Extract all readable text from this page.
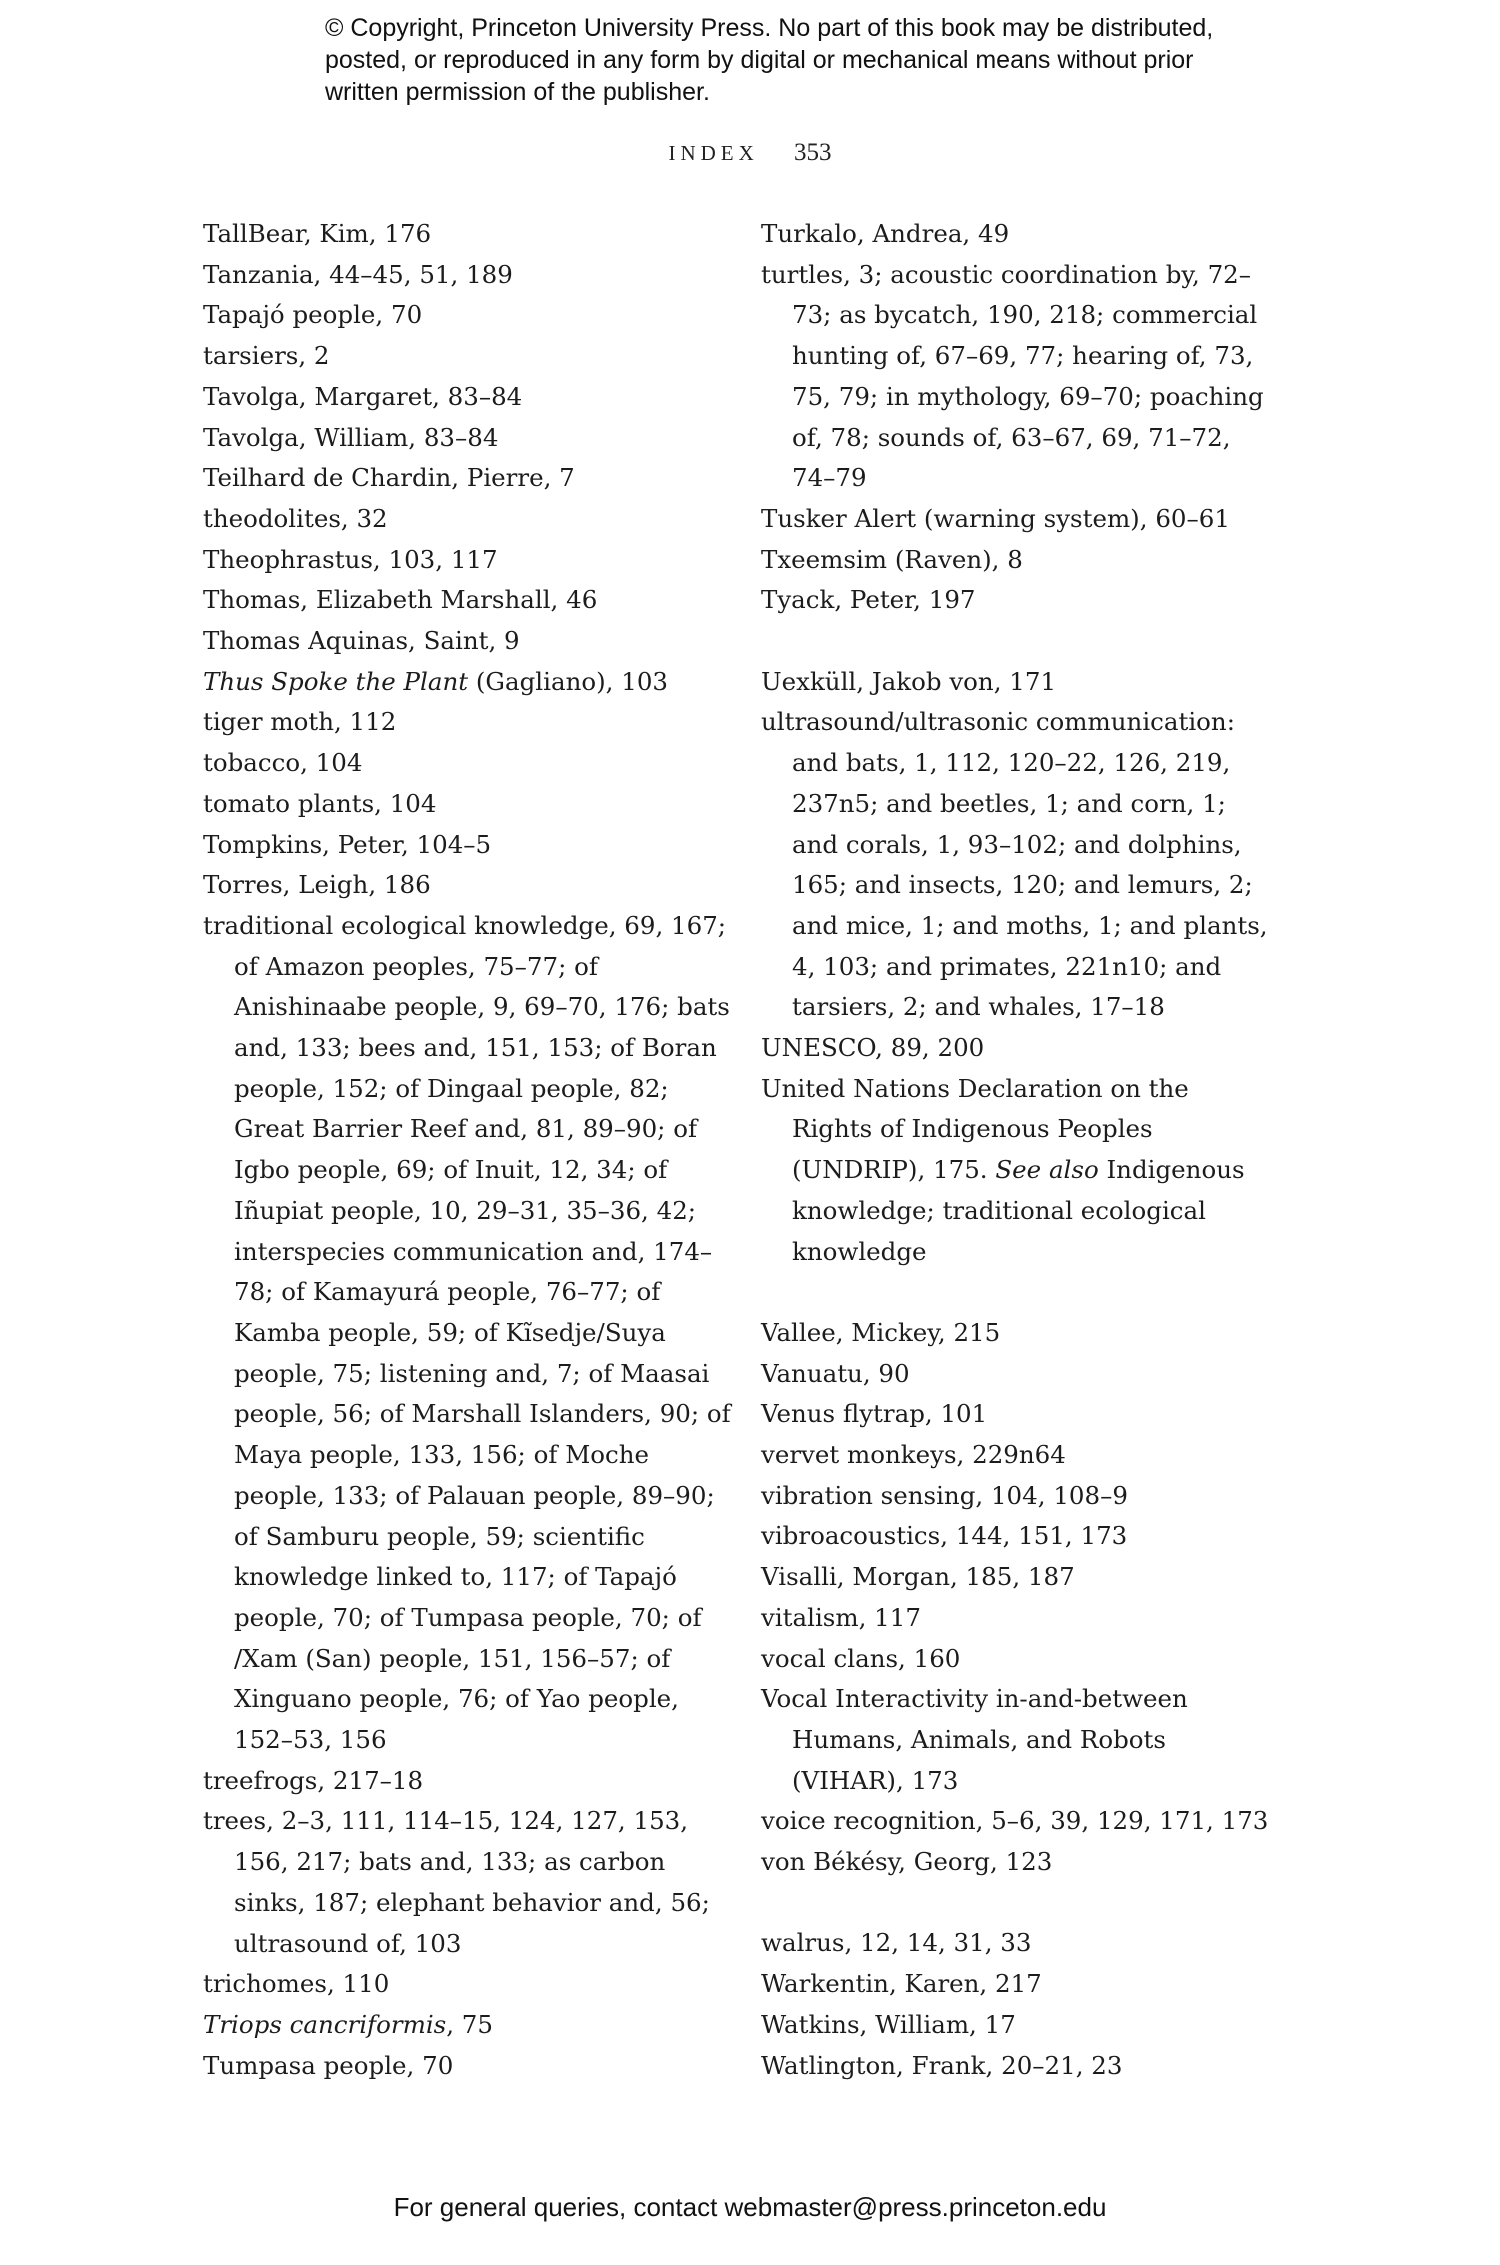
© Copyright, Princeton University Press. No part of this book may be distributed, posted, or reproduced in any form by digital or mechanical means without prior written permission of the publisher.
INDEX 353
TallBear, Kim, 176
Tanzania, 44–45, 51, 189
Tapajó people, 70
tarsiers, 2
Tavolga, Margaret, 83–84
Tavolga, William, 83–84
Teilhard de Chardin, Pierre, 7
theodolites, 32
Theophrastus, 103, 117
Thomas, Elizabeth Marshall, 46
Thomas Aquinas, Saint, 9
Thus Spoke the Plant (Gagliano), 103
tiger moth, 112
tobacco, 104
tomato plants, 104
Tompkins, Peter, 104–5
Torres, Leigh, 186
traditional ecological knowledge, 69, 167; of Amazon peoples, 75–77; of Anishinaabe people, 9, 69–70, 176; bats and, 133; bees and, 151, 153; of Boran people, 152; of Dingaal people, 82; Great Barrier Reef and, 81, 89–90; of Igbo people, 69; of Inuit, 12, 34; of Iñupiat people, 10, 29–31, 35–36, 42; interspecies communication and, 174–78; of Kamayurá people, 76–77; of Kamba people, 59; of Kĩsedje/Suya people, 75; listening and, 7; of Maasai people, 56; of Marshall Islanders, 90; of Maya people, 133, 156; of Moche people, 133; of Palauan people, 89–90; of Samburu people, 59; scientific knowledge linked to, 117; of Tapajó people, 70; of Tumpasa people, 70; of /Xam (San) people, 151, 156–57; of Xinguano people, 76; of Yao people, 152–53, 156
treefrogs, 217–18
trees, 2–3, 111, 114–15, 124, 127, 153, 156, 217; bats and, 133; as carbon sinks, 187; elephant behavior and, 56; ultrasound of, 103
trichomes, 110
Triops cancriformis, 75
Tumpasa people, 70
Turkalo, Andrea, 49
turtles, 3; acoustic coordination by, 72–73; as bycatch, 190, 218; commercial hunting of, 67–69, 77; hearing of, 73, 75, 79; in mythology, 69–70; poaching of, 78; sounds of, 63–67, 69, 71–72, 74–79
Tusker Alert (warning system), 60–61
Txeemsim (Raven), 8
Tyack, Peter, 197
Uexküll, Jakob von, 171
ultrasound/ultrasonic communication: and bats, 1, 112, 120–22, 126, 219, 237n5; and beetles, 1; and corn, 1; and corals, 1, 93–102; and dolphins, 165; and insects, 120; and lemurs, 2; and mice, 1; and moths, 1; and plants, 4, 103; and primates, 221n10; and tarsiers, 2; and whales, 17–18
UNESCO, 89, 200
United Nations Declaration on the Rights of Indigenous Peoples (UNDRIP), 175. See also Indigenous knowledge; traditional ecological knowledge
Vallee, Mickey, 215
Vanuatu, 90
Venus flytrap, 101
vervet monkeys, 229n64
vibration sensing, 104, 108–9
vibroacoustics, 144, 151, 173
Visalli, Morgan, 185, 187
vitalism, 117
vocal clans, 160
Vocal Interactivity in-and-between Humans, Animals, and Robots (VIHAR), 173
voice recognition, 5–6, 39, 129, 171, 173
von Békésy, Georg, 123
walrus, 12, 14, 31, 33
Warkentin, Karen, 217
Watkins, William, 17
Watlington, Frank, 20–21, 23
For general queries, contact webmaster@press.princeton.edu
